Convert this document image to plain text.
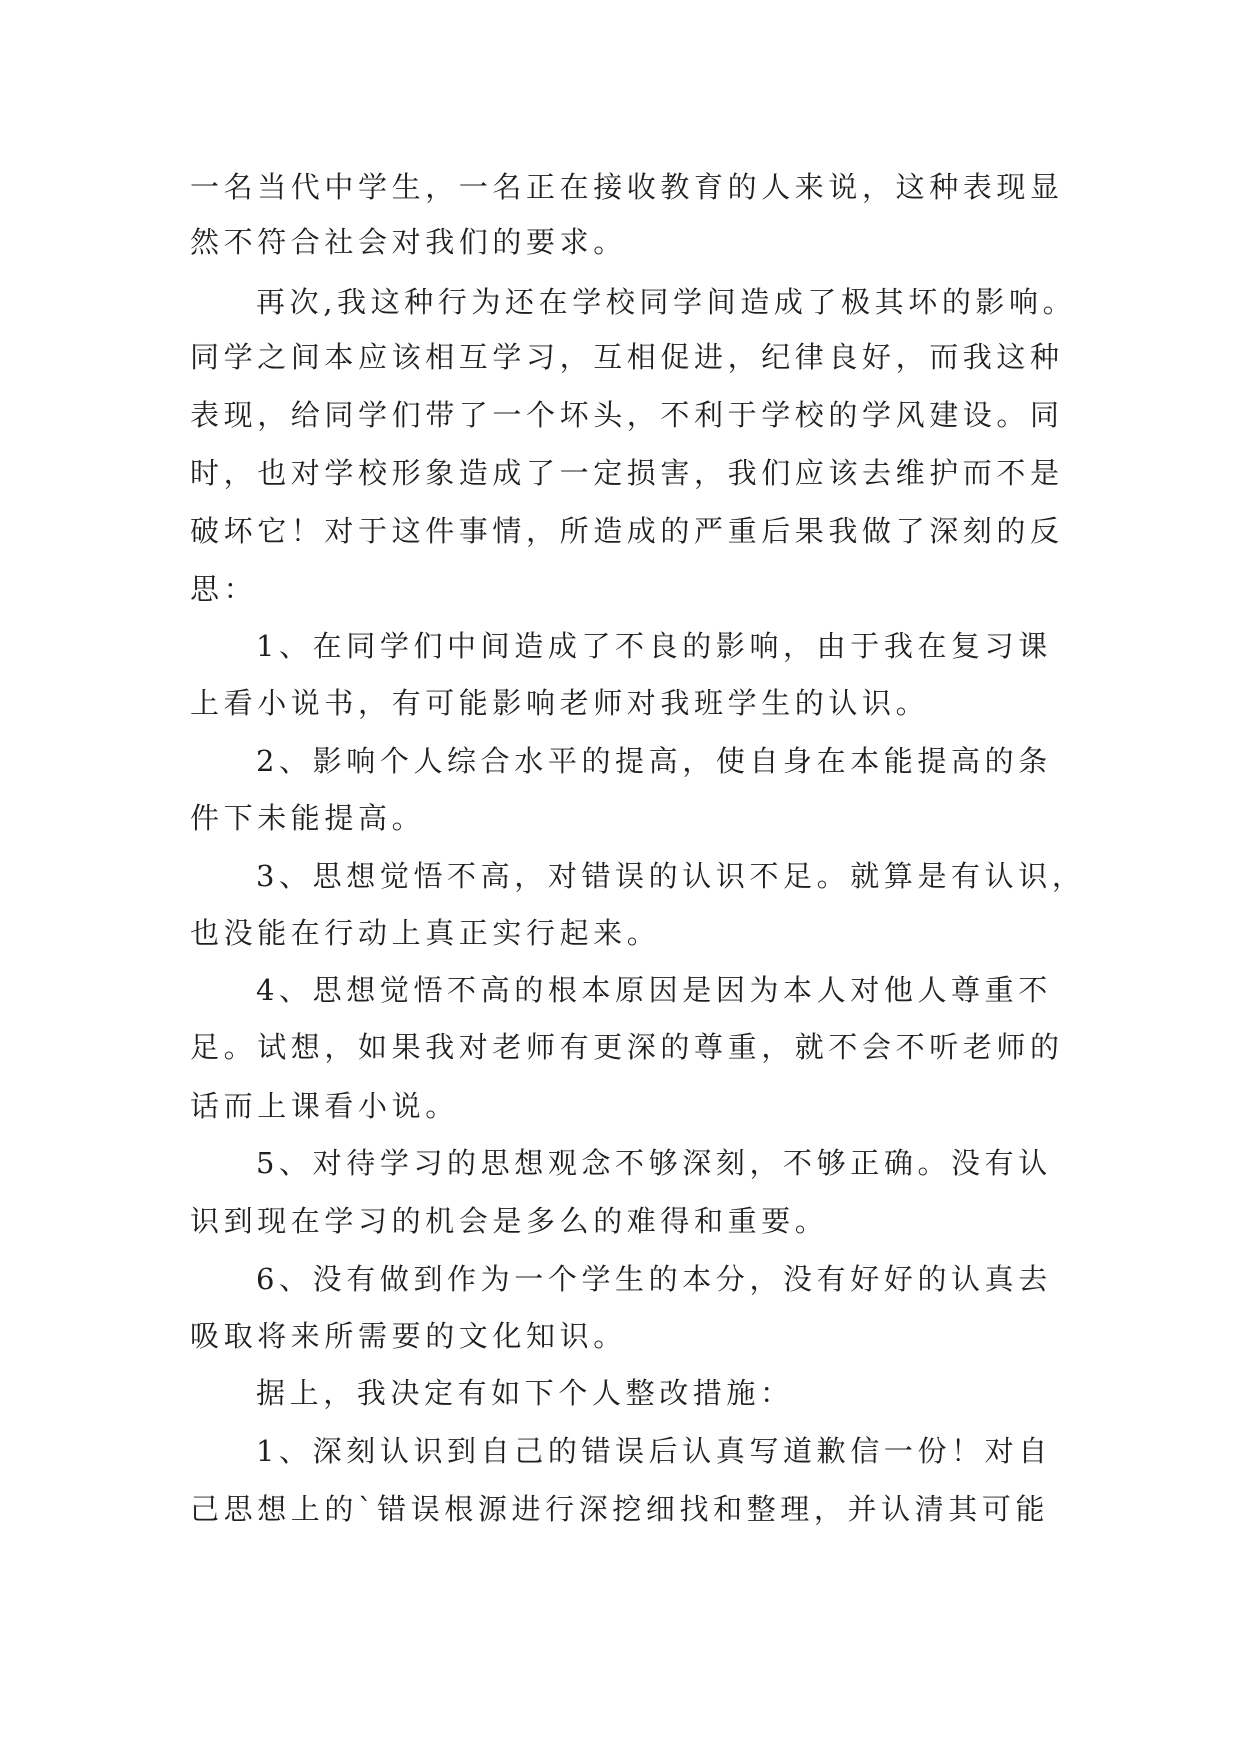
一名当代中学生，一名正在接收教育的人来说，这种表现显

然不符合社会对我们的要求。

再次,我这种行为还在学校同学间造成了极其坏的影响。

同学之间本应该相互学习，互相促进，纪律良好，而我这种

表现，给同学们带了一个坏头，不利于学校的学风建设。同

时，也对学校形象造成了一定损害，我们应该去维护而不是

破坏它！对于这件事情，所造成的严重后果我做了深刻的反

思：

1、在同学们中间造成了不良的影响，由于我在复习课

上看小说书，有可能影响老师对我班学生的认识。

2、影响个人综合水平的提高，使自身在本能提高的条

件下未能提高。

3、思想觉悟不高，对错误的认识不足。就算是有认识，

也没能在行动上真正实行起来。

4、思想觉悟不高的根本原因是因为本人对他人尊重不

足。试想，如果我对老师有更深的尊重，就不会不听老师的

话而上课看小说。

5、对待学习的思想观念不够深刻，不够正确。没有认

识到现在学习的机会是多么的难得和重要。

6、没有做到作为一个学生的本分，没有好好的认真去

吸取将来所需要的文化知识。

据上，我决定有如下个人整改措施：

1、深刻认识到自己的错误后认真写道歉信一份！对自

己思想上的`错误根源进行深挖细找和整理，并认清其可能
